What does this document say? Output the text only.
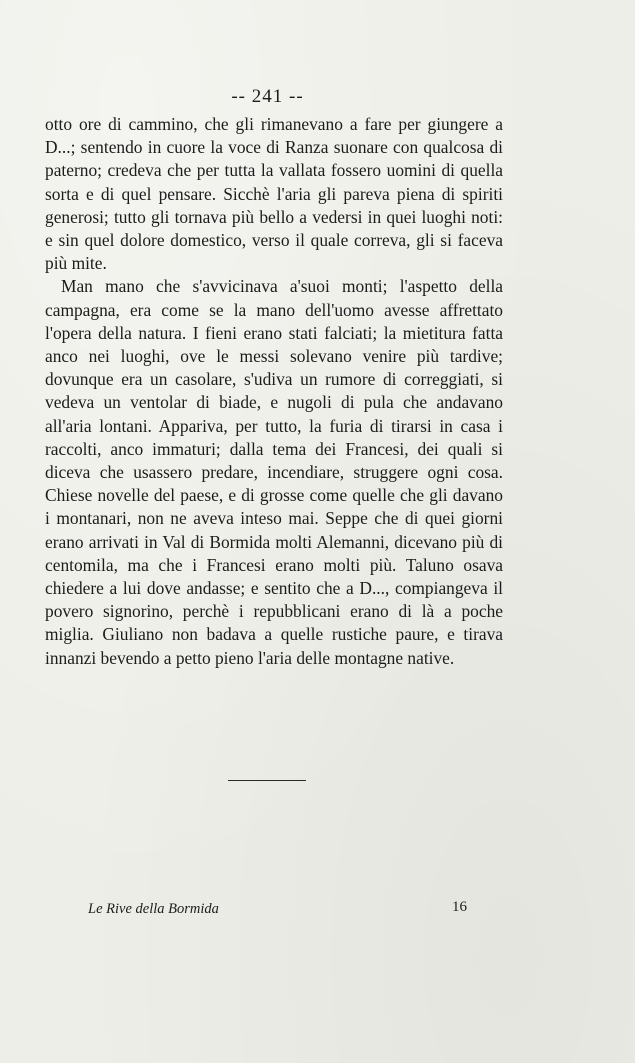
-- 241 --

otto ore di cammino, che gli rimanevano a fare per giungere a D...; sentendo in cuore la voce di Ranza suonare con qualcosa di paterno; credeva che per tutta la vallata fossero uomini di quella sorta e di quel pensare. Sicchè l'aria gli pareva piena di spiriti generosi; tutto gli tornava più bello a vedersi in quei luoghi noti: e sin quel dolore domestico, verso il quale correva, gli si faceva più mite.

Man mano che s'avvicinava a'suoi monti; l'aspetto della campagna, era come se la mano dell'uomo avesse affrettato l'opera della natura. I fieni erano stati falciati; la mietitura fatta anco nei luoghi, ove le messi solevano venire più tardive; dovunque era un casolare, s'udiva un rumore di correggiati, si vedeva un ventolar di biade, e nugoli di pula che andavano all'aria lontani. Appariva, per tutto, la furia di tirarsi in casa i raccolti, anco immaturi; dalla tema dei Francesi, dei quali si diceva che usassero predare, incendiare, struggere ogni cosa. Chiese novelle del paese, e di grosse come quelle che gli davano i montanari, non ne aveva inteso mai. Seppe che di quei giorni erano arrivati in Val di Bormida molti Alemanni, dicevano più di centomila, ma che i Francesi erano molti più. Taluno osava chiedere a lui dove andasse; e sentito che a D..., compiangeva il povero signorino, perchè i repubblicani erano di là a poche miglia. Giuliano non badava a quelle rustiche paure, e tirava innanzi bevendo a petto pieno l'aria delle montagne native.

Le Rive della Bormida	16
